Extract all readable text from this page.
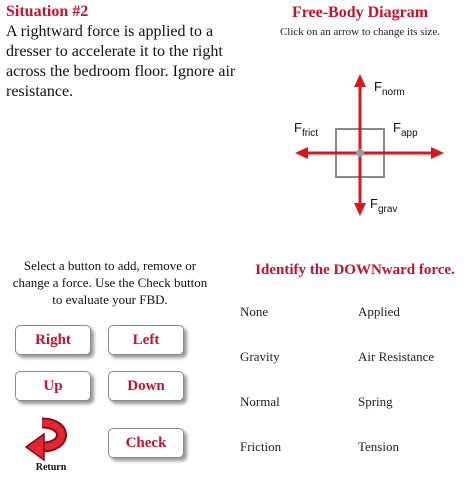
Situation #2
A rightward force is applied to a dresser to accelerate it to the right across the bedroom floor. Ignore air resistance.
Free-Body Diagram
Click on an arrow to change its size.
$F_{norm}$
$F_{frict}$	$F_{app}$
$F_{grav}$
Select a button to add, remove or change a force. Use the Check button to evaluate your FBD.
Right	Left
Up	Down
Check
Return
Identify the DOWNward force.
None	Applied
Gravity	Air Resistance
Normal	Spring
Friction	Tension
